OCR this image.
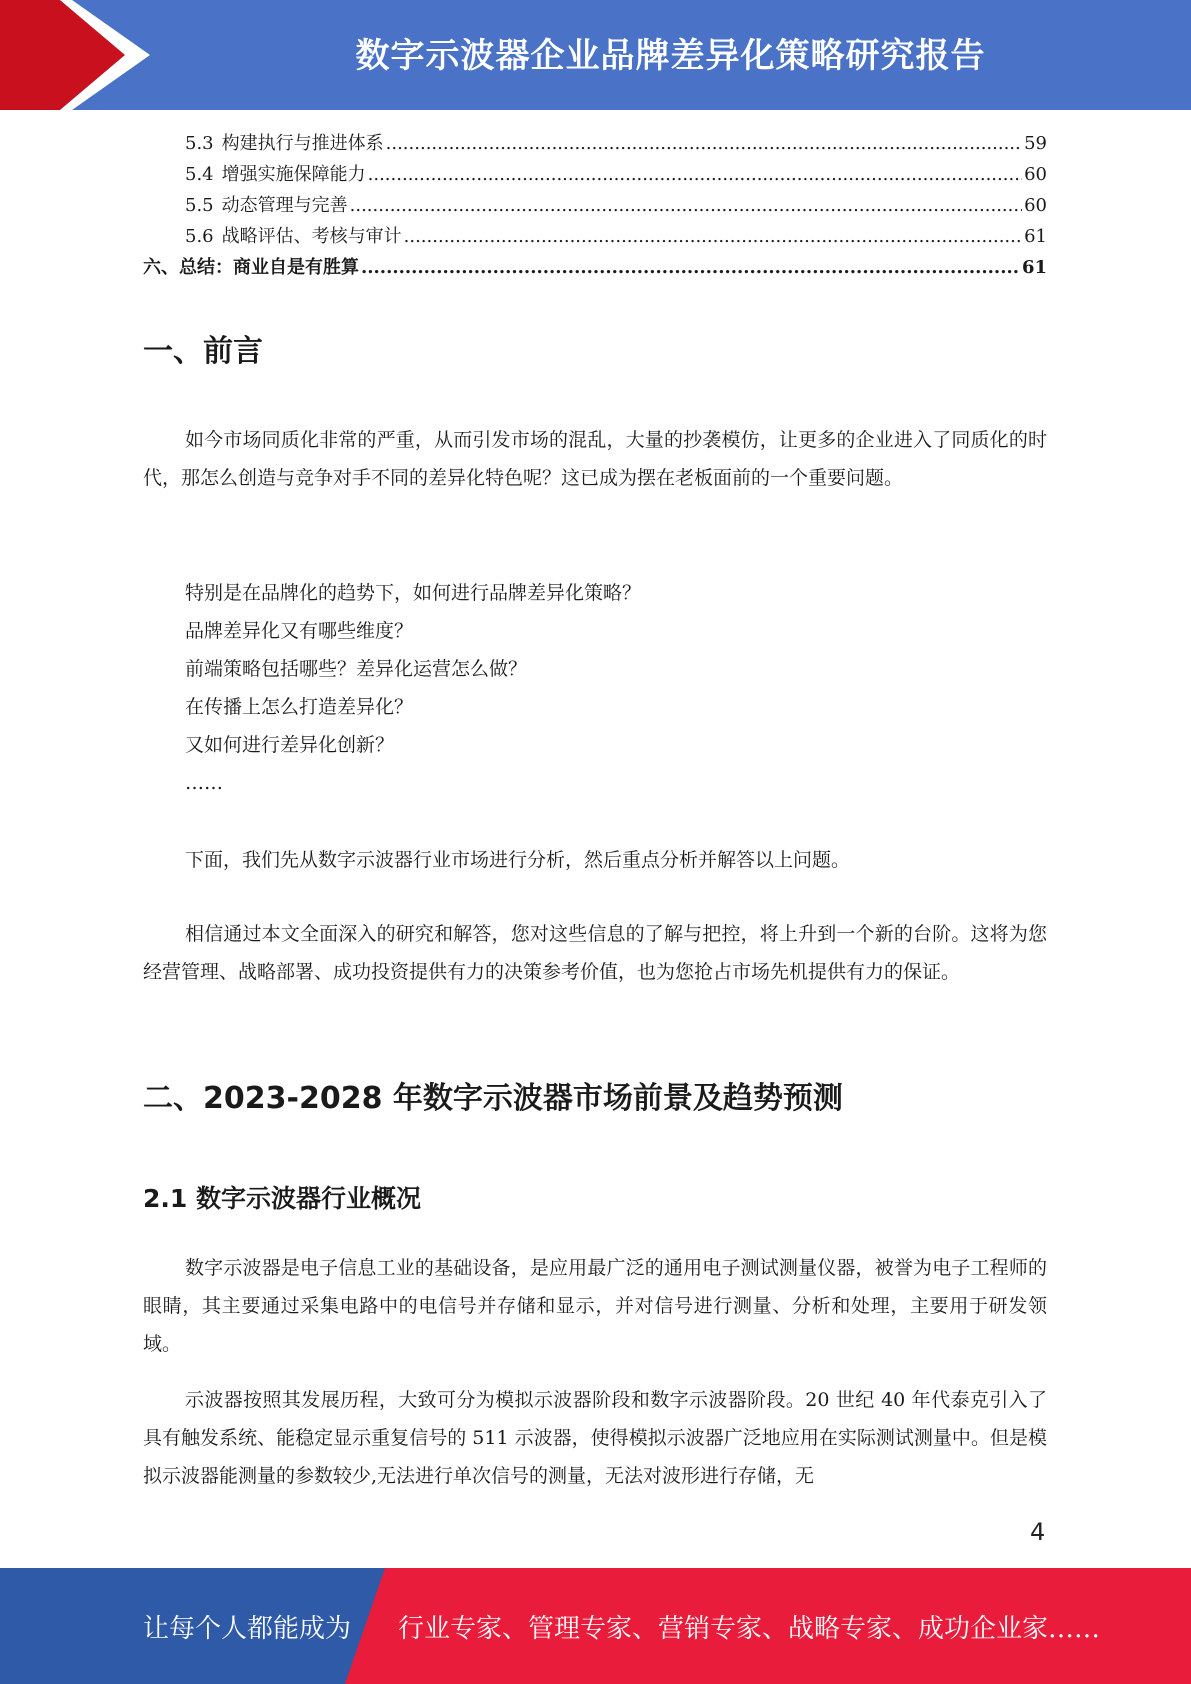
数字示波器企业品牌差异化策略研究报告
5.3 构建执行与推进体系 .....	59
5.4 增强实施保障能力 .....	60
5.5 动态管理与完善 .....	60
5.6 战略评估、考核与审计 .....	61
六、总结：商业自是有胜算 .....	61
一、前言

如今市场同质化非常的严重，从而引发市场的混乱，大量的抄袭模仿，让更多的企业进入了同质化的时代，那怎么创造与竞争对手不同的差异化特色呢？这已成为摆在老板面前的一个重要问题。

特别是在品牌化的趋势下，如何进行品牌差异化策略？
品牌差异化又有哪些维度？
前端策略包括哪些？差异化运营怎么做？
在传播上怎么打造差异化？
又如何进行差异化创新？
……

下面，我们先从数字示波器行业市场进行分析，然后重点分析并解答以上问题。

相信通过本文全面深入的研究和解答，您对这些信息的了解与把控，将上升到一个新的台阶。这将为您经营管理、战略部署、成功投资提供有力的决策参考价值，也为您抢占市场先机提供有力的保证。

二、2023-2028 年数字示波器市场前景及趋势预测
2.1 数字示波器行业概况

数字示波器是电子信息工业的基础设备，是应用最广泛的通用电子测试测量仪器，被誉为电子工程师的眼睛，其主要通过采集电路中的电信号并存储和显示，并对信号进行测量、分析和处理，主要用于研发领域。

示波器按照其发展历程，大致可分为模拟示波器阶段和数字示波器阶段。20 世纪 40 年代泰克引入了具有触发系统、能稳定显示重复信号的 511 示波器，使得模拟示波器广泛地应用在实际测试测量中。但是模拟示波器能测量的参数较少,无法进行单次信号的测量，无法对波形进行存储，无

4
让每个人都能成为 行业专家、管理专家、营销专家、战略专家、成功企业家……
